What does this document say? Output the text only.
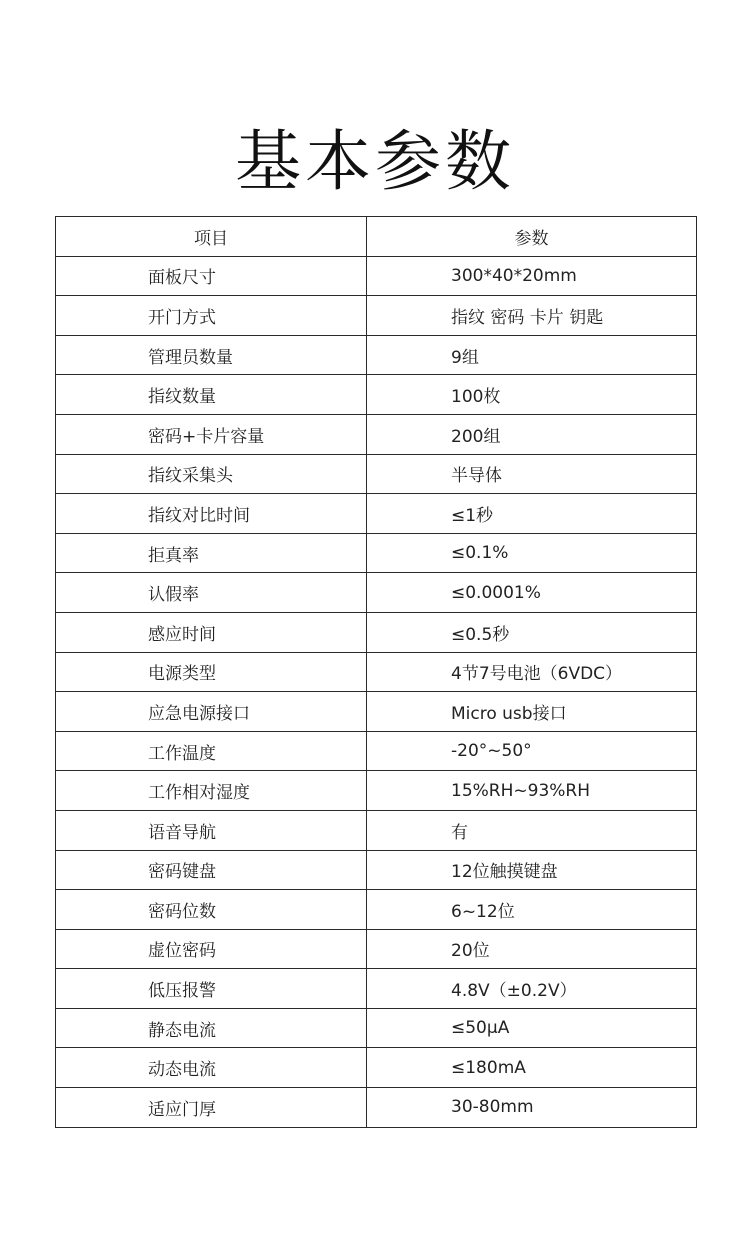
基本参数
项目	参数
面板尺寸	300*40*20mm
开门方式	指纹 密码 卡片 钥匙
管理员数量	9组
指纹数量	100枚
密码+卡片容量	200组
指纹采集头	半导体
指纹对比时间	≤1秒
拒真率	≤0.1%
认假率	≤0.0001%
感应时间	≤0.5秒
电源类型	4节7号电池（6VDC）
应急电源接口	Micro usb接口
工作温度	-20°~50°
工作相对湿度	15%RH~93%RH
语音导航	有
密码键盘	12位触摸键盘
密码位数	6~12位
虚位密码	20位
低压报警	4.8V（±0.2V）
静态电流	≤50μA
动态电流	≤180mA
适应门厚	30-80mm
